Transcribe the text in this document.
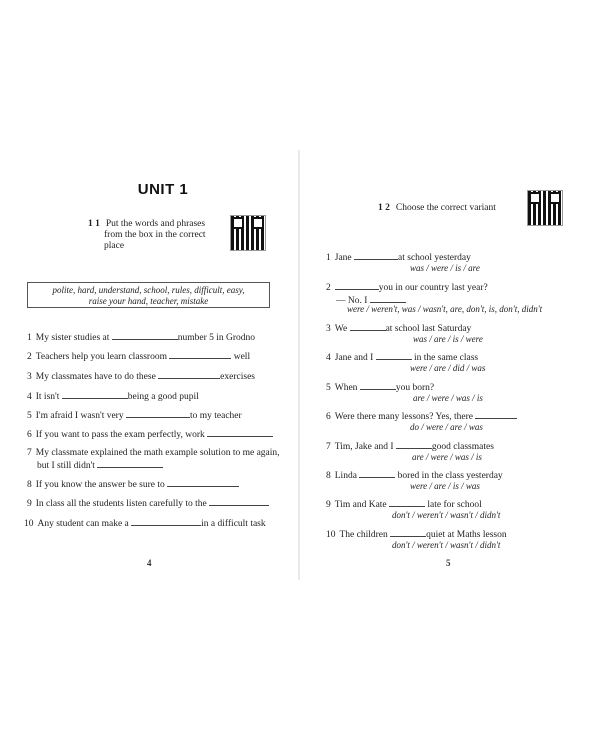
UNIT 1
1 1 Put the words and phrases
from the box in the correct
place
polite, hard, understand, school, rules, difficult, easy,
raise your hand, teacher, mistake
1 My sister studies at	number 5 in Grodno
2 Teachers help you learn classroom	well
3 My classmates have to do these	exercises
4 It isn't	being a good pupil
5 I'm afraid I wasn't very	to my teacher
6 If you want to pass the exam perfectly, work
7 My classmate explained the math example solution to me again,
but I still didn't
8 If you know the answer be sure to
9 In class all the students listen carefully to the
10 Any student can make a	in a difficult task
4
1 2 Choose the correct variant
1 Jane	at school yesterday
was / were / is / are
2	you in our country last year?
— No. I
were / weren't, was / wasn't, are, don't, is, don't, didn't
3 We	at school last Saturday
was / are / is / were
4 Jane and I	in the same class
were / are / did / was
5 When	you born?
are / were / was / is
6 Were there many lessons? Yes, there
do / were / are / was
7 Tim, Jake and I	good classmates
are / were / was / is
8 Linda	bored in the class yesterday
were / are / is / was
9 Tim and Kate	late for school
don't / weren't / wasn't / didn't
10 The children	quiet at Maths lesson
don't / weren't / wasn't / didn't
5
